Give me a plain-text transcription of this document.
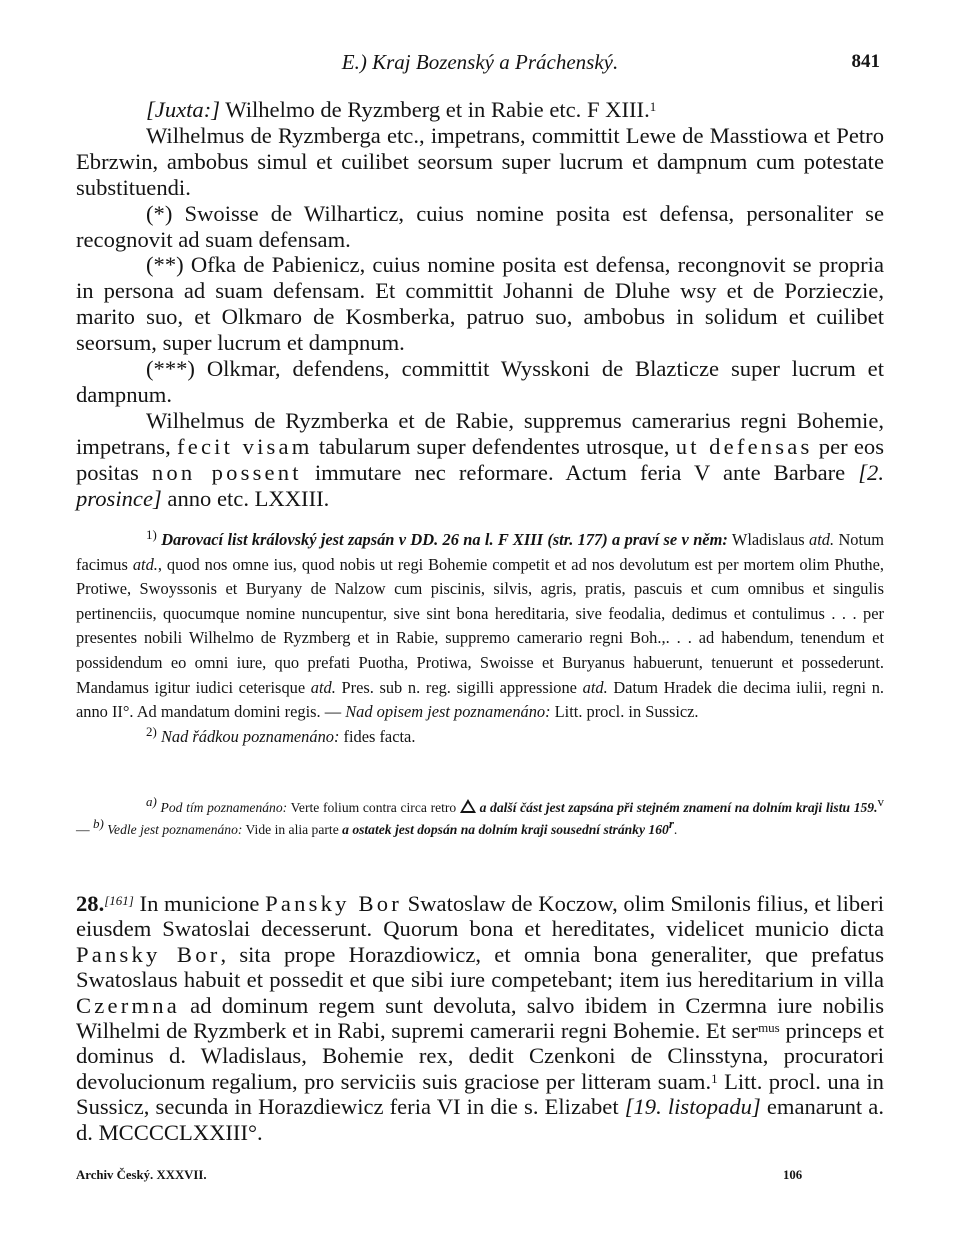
E.) Kraj Bozenský a Práchenský.	841

[Juxta:] Wilhelmo de Ryzmberg et in Rabie etc. F XIII.$^1$

Wilhelmus de Ryzmberga etc., impetrans, committit Lewe de Masstiowa et Petro Ebrzwin, ambobus simul et cuilibet seorsum super lucrum et dampnum cum potestate substituendi.

(*) Swoisse de Wilharticz, cuius nomine posita est defensa, personaliter se recognovit ad suam defensam.

(**) Ofka de Pabienicz, cuius nomine posita est defensa, recongnovit se propria in persona ad suam defensam. Et committit Johanni de Dluhe wsy et de Porzieczie, marito suo, et Olkmaro de Kosmberka, patruo suo, ambobus in solidum et cuilibet seorsum, super lucrum et dampnum.

(***) Olkmar, defendens, committit Wysskoni de Blazticze super lucrum et dampnum.

Wilhelmus de Ryzmberka et de Rabie, suppremus camerarius regni Bohemie, impetrans, fecit visam tabularum super defendentes utrosque, ut defensas per eos positas non possent immutare nec reformare. Actum feria V ante Barbare [2. prosince] anno etc. LXXIII.

$^{1)}$ Darovací list královský jest zapsán v DD. 26 na l. F XIII (str. 177) a praví se v něm: Wladislaus atd. Notum facimus atd., quod nos omne ius, quod nobis ut regi Bohemie competit et ad nos devolutum est per mortem olim Phuthe, Protiwe, Swoyssonis et Buryany de Nalzow cum piscinis, silvis, agris, pratis, pascuis et cum omnibus et singulis pertinenciis, quocumque nomine nuncupentur, sive sint bona hereditaria, sive feodalia, dedimus et contulimus . . . per presentes nobili Wilhelmo de Ryzmberg et in Rabie, suppremo camerario regni Boh.,. . . ad habendum, tenendum et possidendum eo omni iure, quo prefati Puotha, Protiwa, Swoisse et Buryanus habuerunt, tenuerunt et possederunt. Mandamus igitur iudici ceterisque atd. Pres. sub n. reg. sigilli appressione atd. Datum Hradek die decima iulii, regni n. anno II°. Ad mandatum domini regis. — Nad opisem jest poznamenáno: Litt. procl. in Sussicz.

$^{2)}$ Nad řádkou poznamenáno: fides facta.

$^{a)}$ Pod tím poznamenáno: Verte folium contra circa retro  a další část jest zapsána při stejném znamení na dolním kraji listu 159.$^v$ — $^{b)}$ Vedle jest poznamenáno: Vide in alia parte a ostatek jest dopsán na dolním kraji sousední stránky 160$^r$.

28.[161] In municione Pansky Bor Swatoslaw de Koczow, olim Smilonis filius, et liberi eiusdem Swatoslai decesserunt. Quorum bona et hereditates, videlicet municio dicta Pansky Bor, sita prope Horazdiowicz, et omnia bona generaliter, que prefatus Swatoslaus habuit et possedit et que sibi iure competebant; item ius hereditarium in villa Czermna ad dominum regem sunt devoluta, salvo ibidem in Czermna iure nobilis Wilhelmi de Ryzmberk et in Rabi, supremi camerarii regni Bohemie. Et ser$^{mus}$ princeps et dominus d. Wladislaus, Bohemie rex, dedit Czenkoni de Clinsstyna, procuratori devolucionum regalium, pro serviciis suis graciose per litteram suam.$^1$ Litt. procl. una in Sussicz, secunda in Horazdiewicz feria VI in die s. Elizabet [19. listopadu] emanarunt a. d. MCCCCLXXIII°.

Archiv Český. XXXVII.	106
